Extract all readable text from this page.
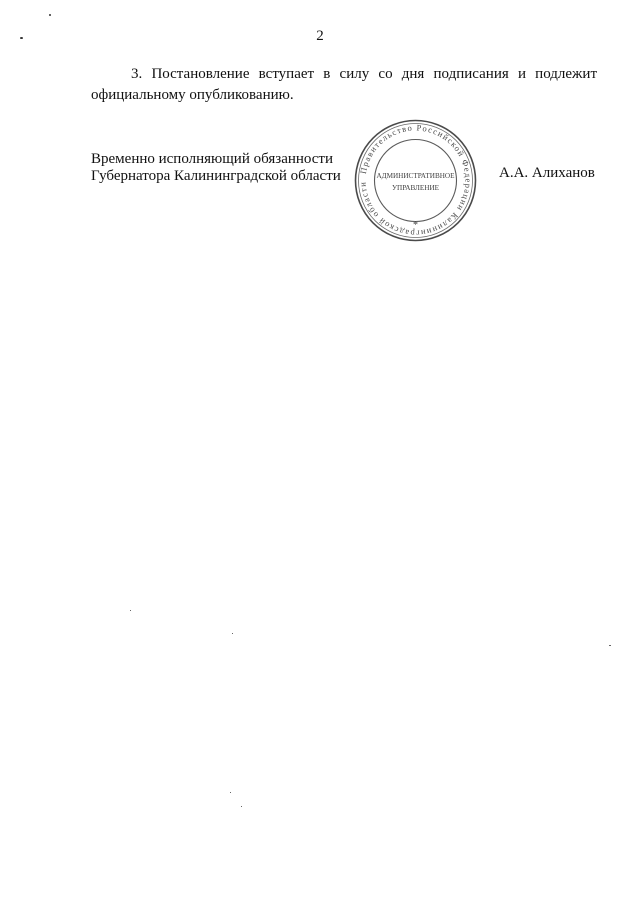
2

3. Постановление вступает в силу со дня подписания и подлежит официальному опубликованию.

Временно исполняющий обязанности
Губернатора Калининградской области Правительство Российской Федерации Калининградской области
АДМИНИСТРАТИВНОЕ
УПРАВЛЕНИЕ
*
А.А. Алиханов
